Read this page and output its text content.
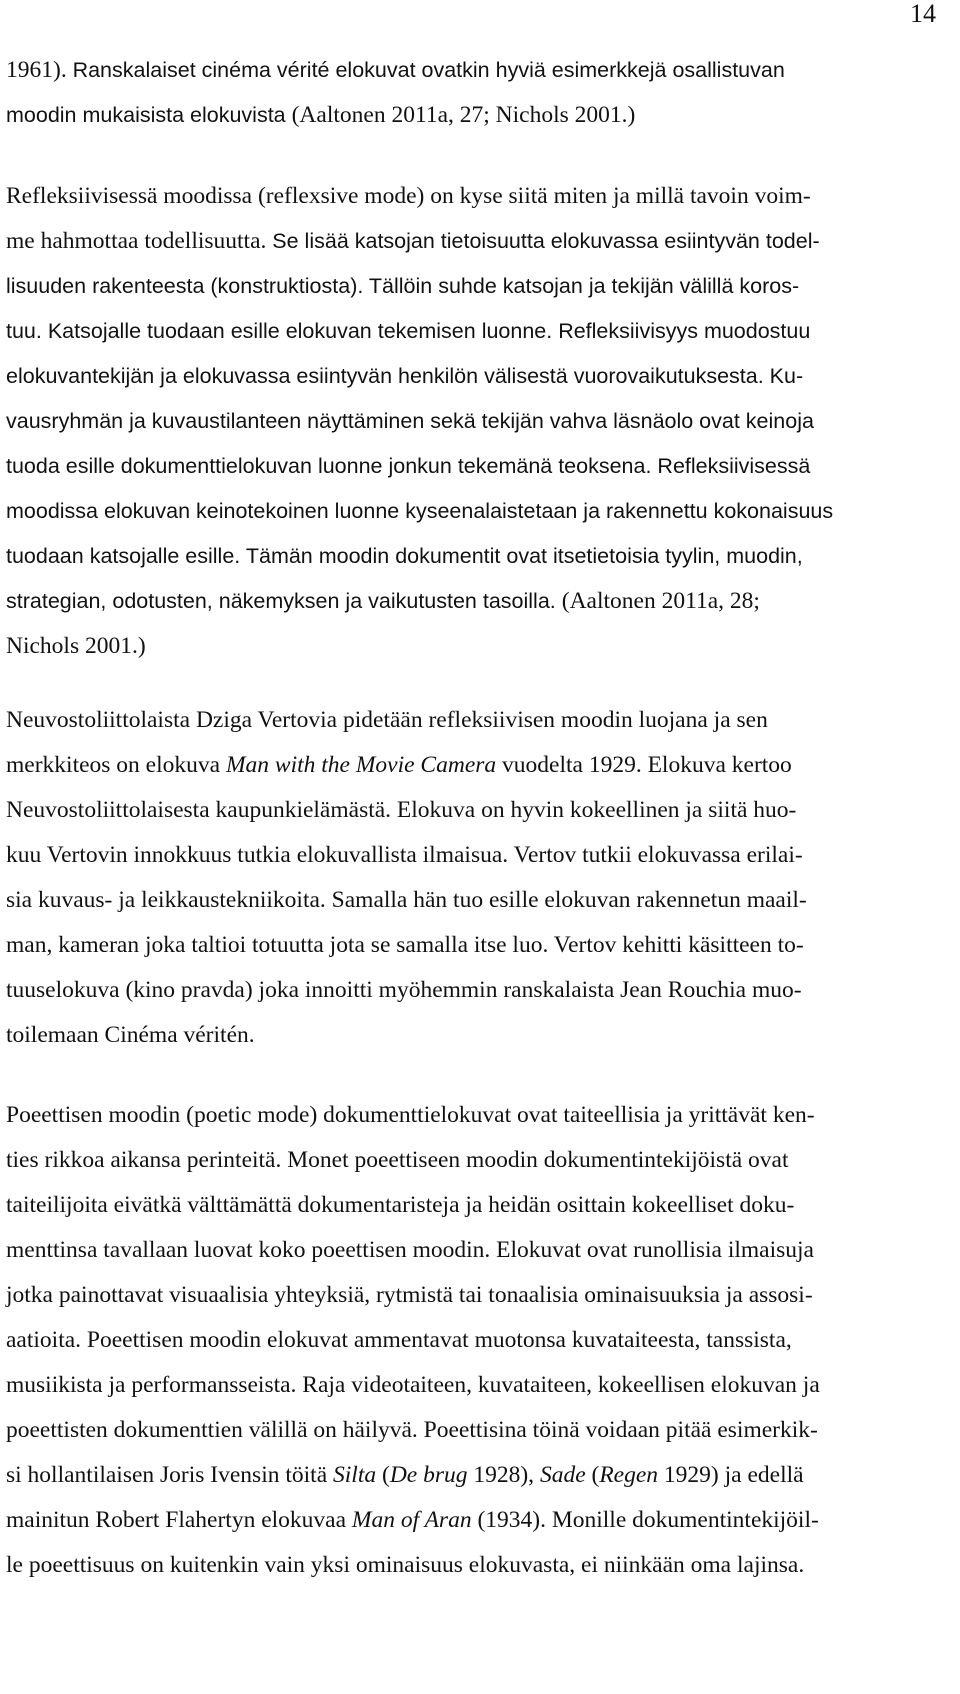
14
1961). Ranskalaiset cinéma vérité elokuvat ovatkin hyviä esimerkkejä osallistuvan
moodin mukaisista elokuvista (Aaltonen 2011a, 27; Nichols 2001.)
Refleksiivisessä moodissa (reflexsive mode) on kyse siitä miten ja millä tavoin voim-
me hahmottaa todellisuutta. Se lisää katsojan tietoisuutta elokuvassa esiintyvän todel-
lisuuden rakenteesta (konstruktiosta). Tällöin suhde katsojan ja tekijän välillä koros-
tuu. Katsojalle tuodaan esille elokuvan tekemisen luonne. Refleksiivisyys muodostuu
elokuvantekijän ja elokuvassa esiintyvän henkilön välisestä vuorovaikutuksesta. Ku-
vausryhmän ja kuvaustilanteen näyttäminen sekä tekijän vahva läsnäolo ovat keinoja
tuoda esille dokumenttielokuvan luonne jonkun tekemänä teoksena. Refleksiivisessä
moodissa elokuvan keinotekoinen luonne kyseenalaistetaan ja rakennettu kokonaisuus
tuodaan katsojalle esille. Tämän moodin dokumentit ovat itsetietoisia tyylin, muodin,
strategian, odotusten, näkemyksen ja vaikutusten tasoilla. (Aaltonen 2011a, 28;
Nichols 2001.)
Neuvostoliittolaista Dziga Vertovia pidetään refleksiivisen moodin luojana ja sen
merkkiteos on elokuva Man with the Movie Camera vuodelta 1929. Elokuva kertoo
Neuvostoliittolaisesta kaupunkielämästä. Elokuva on hyvin kokeellinen ja siitä huo-
kuu Vertovin innokkuus tutkia elokuvallista ilmaisua. Vertov tutkii elokuvassa erilai-
sia kuvaus- ja leikkaustekniikoita. Samalla hän tuo esille elokuvan rakennetun maail-
man, kameran joka taltioi totuutta jota se samalla itse luo. Vertov kehitti käsitteen to-
tuuselokuva (kino pravda) joka innoitti myöhemmin ranskalaista Jean Rouchia muo-
toilemaan Cinéma véritén.
Poeettisen moodin (poetic mode) dokumenttielokuvat ovat taiteellisia ja yrittävät ken-
ties rikkoa aikansa perinteitä. Monet poeettiseen moodin dokumentintekijöistä ovat
taiteilijoita eivätkä välttämättä dokumentaristeja ja heidän osittain kokeelliset doku-
menttinsa tavallaan luovat koko poeettisen moodin. Elokuvat ovat runollisia ilmaisuja
jotka painottavat visuaalisia yhteyksiä, rytmistä tai tonaalisia ominaisuuksia ja assosi-
aatioita. Poeettisen moodin elokuvat ammentavat muotonsa kuvataiteesta, tanssista,
musiikista ja performansseista. Raja videotaiteen, kuvataiteen, kokeellisen elokuvan ja
poeettisten dokumenttien välillä on häilyvä. Poeettisina töinä voidaan pitää esimerkik-
si hollantilaisen Joris Ivensin töitä Silta (De brug 1928), Sade (Regen 1929) ja edellä
mainitun Robert Flahertyn elokuvaa Man of Aran (1934). Monille dokumentintekijöil-
le poeettisuus on kuitenkin vain yksi ominaisuus elokuvasta, ei niinkään oma lajinsa.
